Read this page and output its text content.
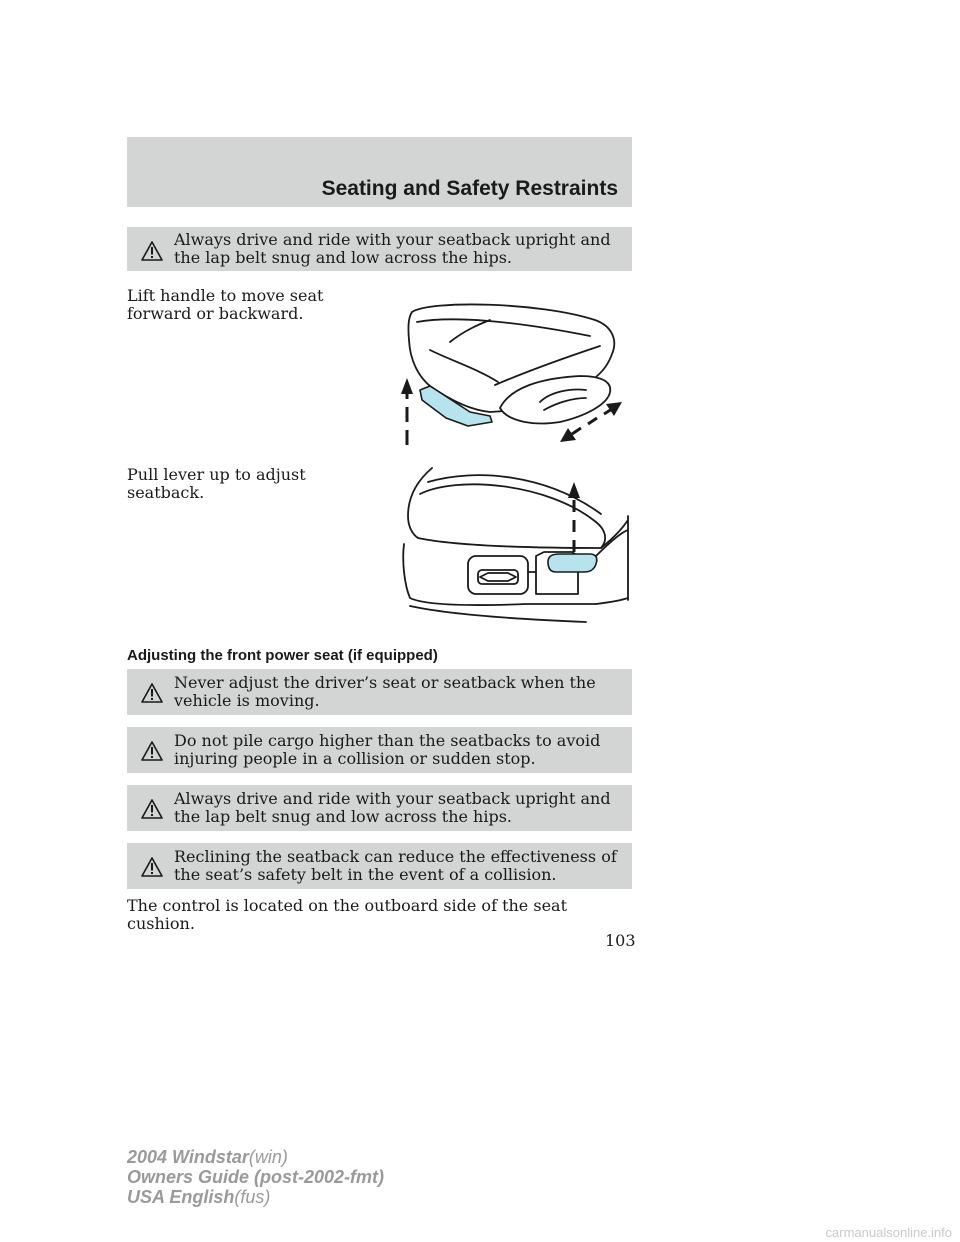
Seating and Safety Restraints
Always drive and ride with your seatback upright and the lap belt snug and low across the hips.
Lift handle to move seat forward or backward.
Pull lever up to adjust seatback.
Adjusting the front power seat (if equipped)
Never adjust the driver’s seat or seatback when the vehicle is moving.
Do not pile cargo higher than the seatbacks to avoid injuring people in a collision or sudden stop.
Always drive and ride with your seatback upright and the lap belt snug and low across the hips.
Reclining the seatback can reduce the effectiveness of the seat’s safety belt in the event of a collision.
The control is located on the outboard side of the seat cushion.
103
2004 Windstar(win)
Owners Guide (post-2002-fmt)
USA English(fus)
carmanualsonline.info
